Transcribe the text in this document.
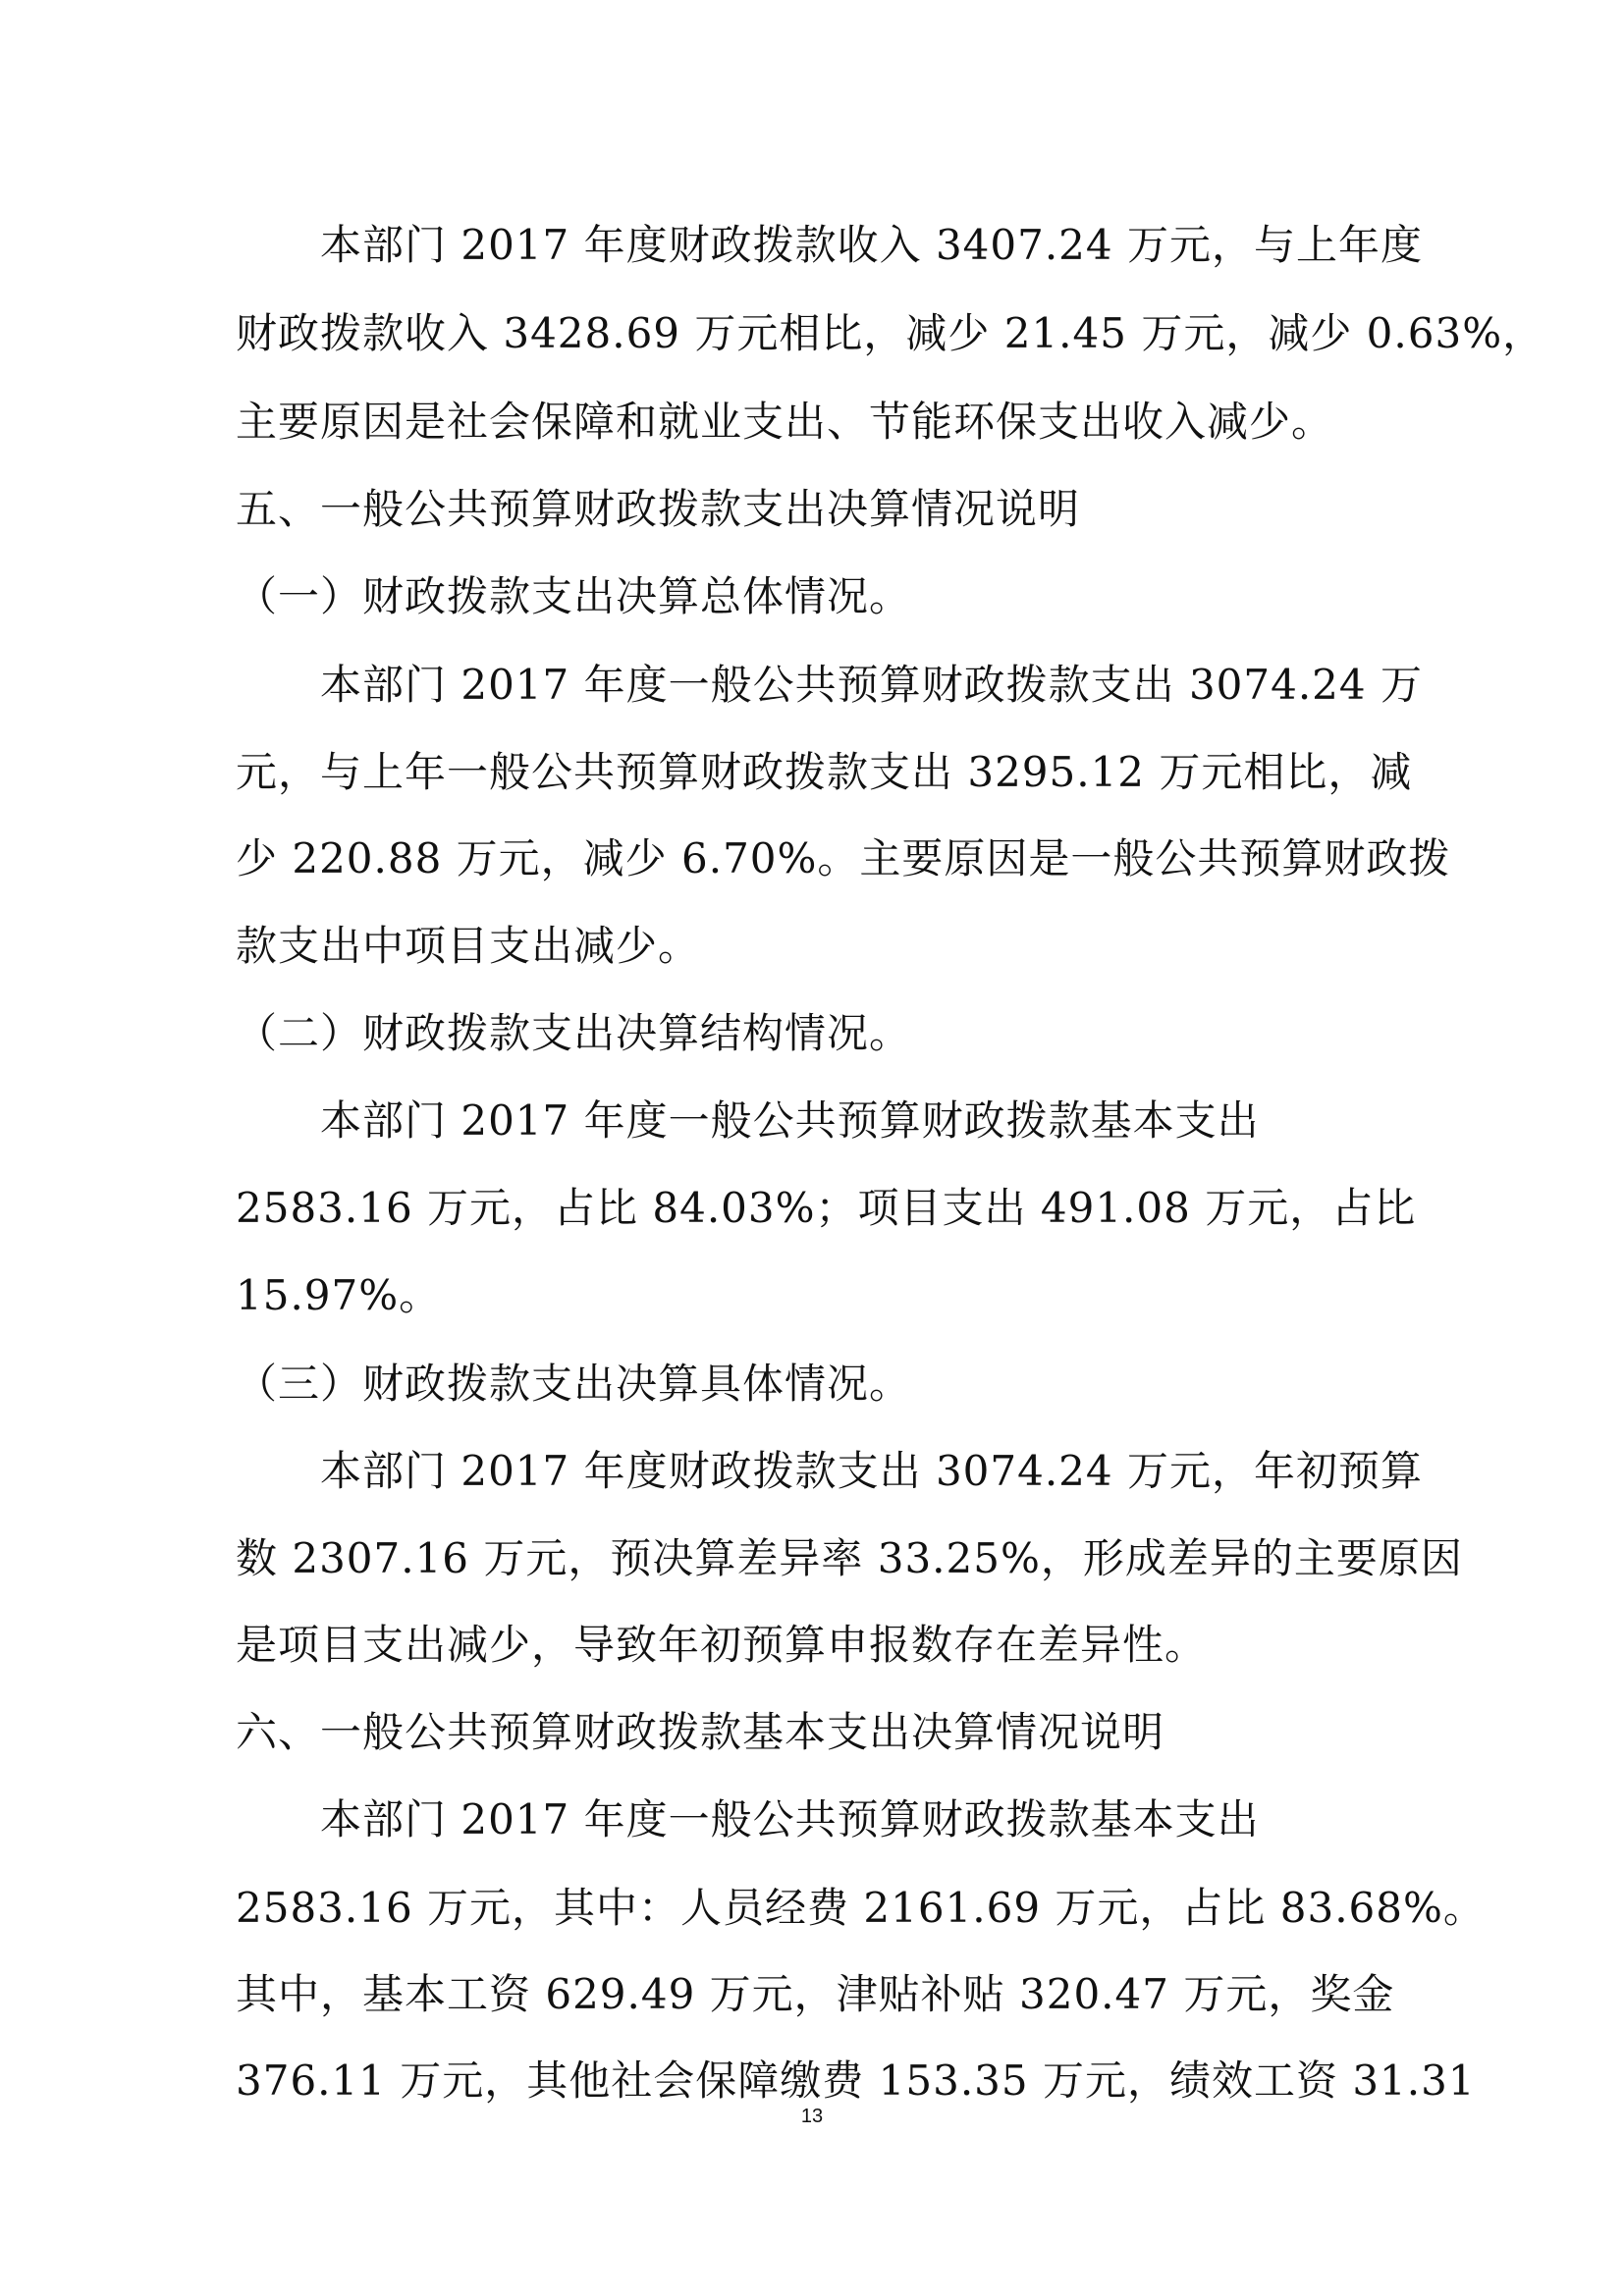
本部门 2017 年度财政拨款收入 3407.24 万元，与上年度
财政拨款收入 3428.69 万元相比，减少 21.45 万元，减少 0.63%，
主要原因是社会保障和就业支出、节能环保支出收入减少。
五、一般公共预算财政拨款支出决算情况说明
（一）财政拨款支出决算总体情况。
本部门 2017 年度一般公共预算财政拨款支出 3074.24 万
元，与上年一般公共预算财政拨款支出 3295.12 万元相比，减
少 220.88 万元，减少 6.70%。主要原因是一般公共预算财政拨
款支出中项目支出减少。
（二）财政拨款支出决算结构情况。
本部门 2017 年度一般公共预算财政拨款基本支出
2583.16 万元，占比 84.03%；项目支出 491.08 万元，占比
15.97%。
（三）财政拨款支出决算具体情况。
本部门 2017 年度财政拨款支出 3074.24 万元，年初预算
数 2307.16 万元，预决算差异率 33.25%，形成差异的主要原因
是项目支出减少，导致年初预算申报数存在差异性。
六、一般公共预算财政拨款基本支出决算情况说明
本部门 2017 年度一般公共预算财政拨款基本支出
2583.16 万元，其中：人员经费 2161.69 万元，占比 83.68%。
其中，基本工资 629.49 万元，津贴补贴 320.47 万元，奖金
376.11 万元，其他社会保障缴费 153.35 万元，绩效工资 31.31
13
